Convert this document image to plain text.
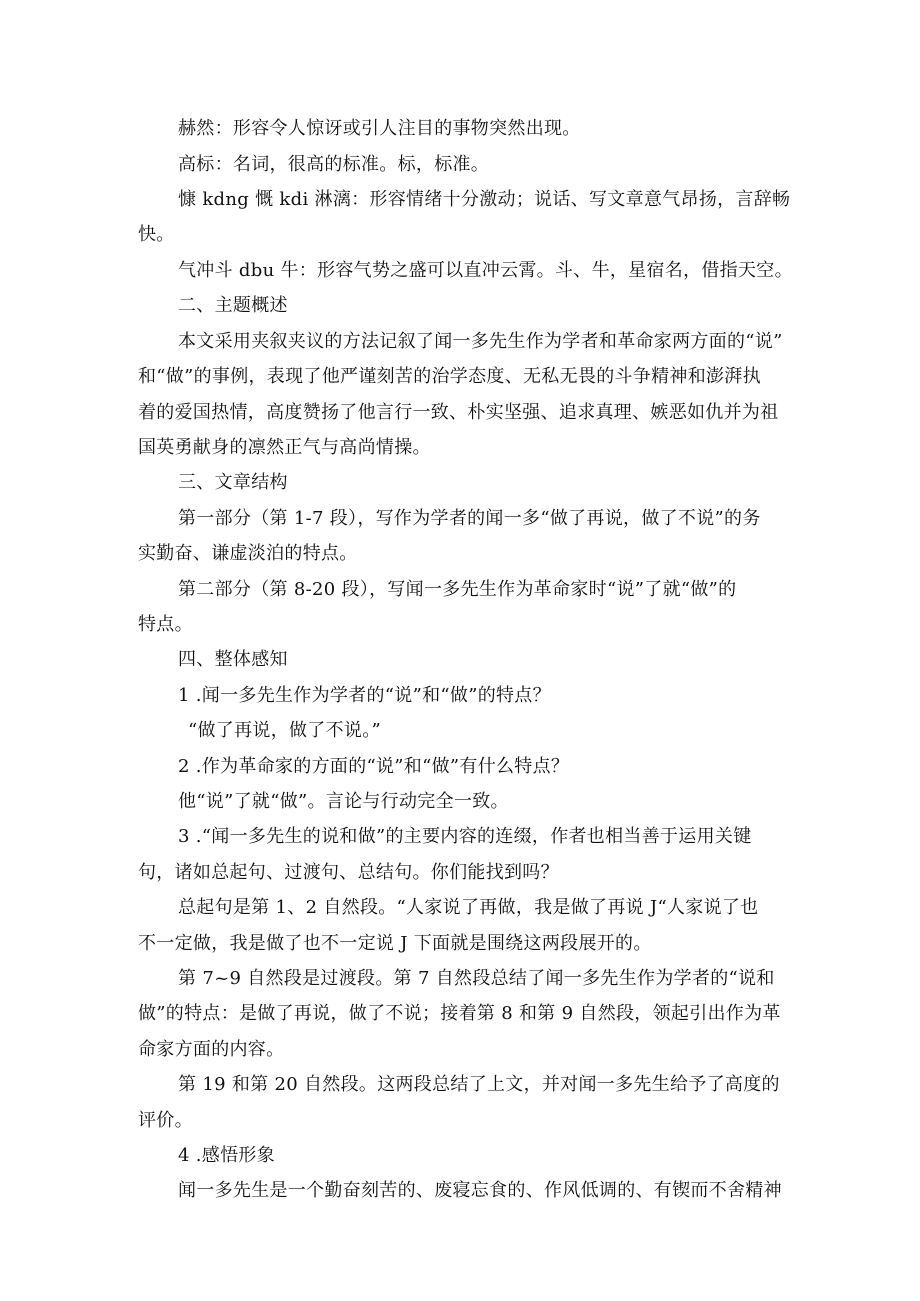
赫然：形容令人惊讶或引人注目的事物突然出现。
高标：名词，很高的标准。标，标准。
慷 kdng 慨 kdi 淋漓：形容情绪十分激动；说话、写文章意气昂扬，言辞畅
快。
气冲斗 dbu 牛：形容气势之盛可以直冲云霄。斗、牛，星宿名，借指天空。
二、主题概述
本文采用夹叙夹议的方法记叙了闻一多先生作为学者和革命家两方面的“说”
和“做”的事例，表现了他严谨刻苦的治学态度、无私无畏的斗争精神和澎湃执
着的爱国热情，高度赞扬了他言行一致、朴实坚强、追求真理、嫉恶如仇并为祖
国英勇献身的凛然正气与高尚情操。
三、文章结构
第一部分（第 1-7 段），写作为学者的闻一多“做了再说，做了不说”的务
实勤奋、谦虚淡泊的特点。
第二部分（第 8-20 段），写闻一多先生作为革命家时“说”了就“做”的
特点。
四、整体感知
1 .闻一多先生作为学者的“说”和“做”的特点？
“做了再说，做了不说。”
2 .作为革命家的方面的“说”和“做”有什么特点？
他“说”了就“做”。言论与行动完全一致。
3 .“闻一多先生的说和做”的主要内容的连缀，作者也相当善于运用关键
句，诸如总起句、过渡句、总结句。你们能找到吗？
总起句是第 1、2 自然段。“人家说了再做，我是做了再说 J“人家说了也
不一定做，我是做了也不一定说 J 下面就是围绕这两段展开的。
第 7~9 自然段是过渡段。第 7 自然段总结了闻一多先生作为学者的“说和
做”的特点：是做了再说，做了不说；接着第 8 和第 9 自然段，领起引出作为革
命家方面的内容。
第 19 和第 20 自然段。这两段总结了上文，并对闻一多先生给予了高度的
评价。
4 .感悟形象
闻一多先生是一个勤奋刻苦的、废寝忘食的、作风低调的、有锲而不舍精神
